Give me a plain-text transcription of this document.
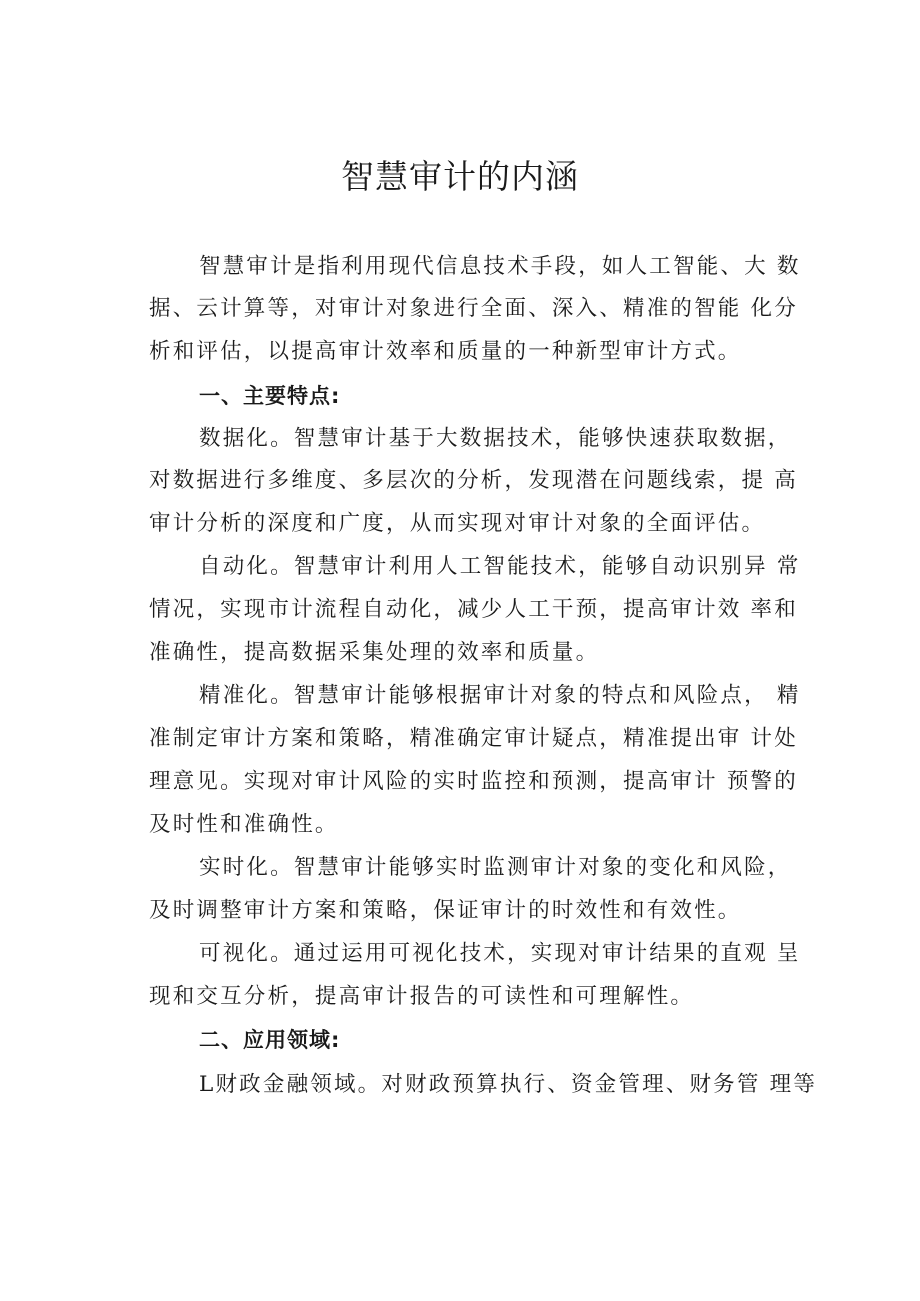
智慧审计的内涵
智慧审计是指利用现代信息技术手段，如人工智能、大 数
据、云计算等，对审计对象进行全面、深入、精准的智能 化分
析和评估，以提高审计效率和质量的一种新型审计方式。
一、主要特点:
数据化。智慧审计基于大数据技术，能够快速获取数据，
对数据进行多维度、多层次的分析，发现潜在问题线索，提 高
审计分析的深度和广度，从而实现对审计对象的全面评估。
自动化。智慧审计利用人工智能技术，能够自动识别异 常
情况，实现市计流程自动化，减少人工干预，提高审计效 率和
准确性，提高数据采集处理的效率和质量。
精准化。智慧审计能够根据审计对象的特点和风险点， 精
准制定审计方案和策略，精准确定审计疑点，精准提出审 计处
理意见。实现对审计风险的实时监控和预测，提高审计 预警的
及时性和准确性。
实时化。智慧审计能够实时监测审计对象的变化和风险，
及时调整审计方案和策略，保证审计的时效性和有效性。
可视化。通过运用可视化技术，实现对审计结果的直观 呈
现和交互分析，提高审计报告的可读性和可理解性。
二、应用领域:
L财政金融领域。对财政预算执行、资金管理、财务管 理等
